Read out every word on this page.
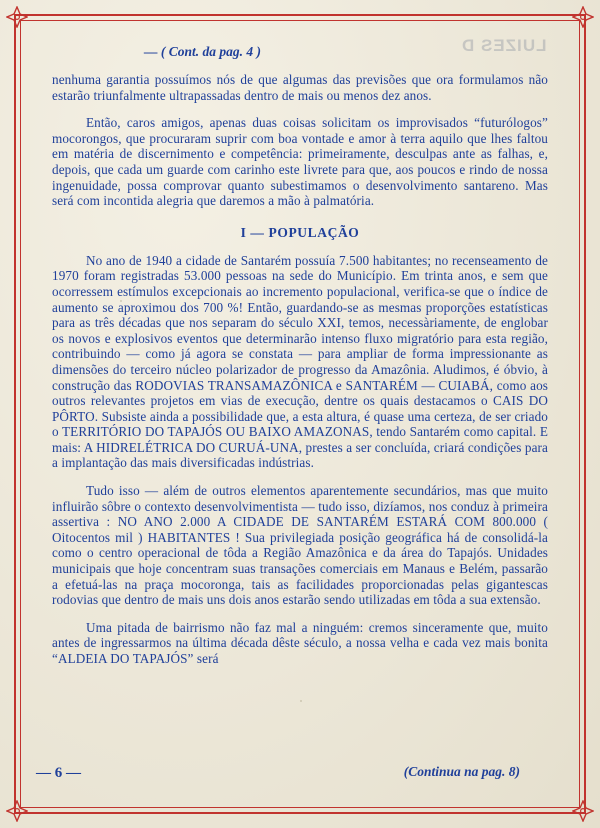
LUIZES D
— ( Cont. da pag. 4 )

nenhuma garantia possuímos nós de que algumas das previsões que ora formulamos não estarão triunfalmente ultrapassadas dentro de mais ou menos dez anos.

Então, caros amigos, apenas duas coisas solicitam os improvisados “futurólogos” mocorongos, que procuraram suprir com boa vontade e amor à terra aquilo que lhes faltou em matéria de discernimento e competência: primeiramente, desculpas ante as falhas, e, depois, que cada um guarde com carinho este livrete para que, aos poucos e rindo de nossa ingenuidade, possa comprovar quanto subestimamos o desenvolvimento santareno. Mas será com incontida alegria que daremos a mão à palmatória.

I — POPULAÇÃO

No ano de 1940 a cidade de Santarém possuía 7.500 habitantes; no recenseamento de 1970 foram registradas 53.000 pessoas na sede do Município. Em trinta anos, e sem que ocorressem estímulos excepcionais ao incremento populacional, verifica-se que o índice de aumento se aproximou dos 700 %! Então, guardando-se as mesmas proporções estatísticas para as três décadas que nos separam do século XXI, temos, necessàriamente, de englobar os novos e explosivos eventos que determinarão intenso fluxo migratório para esta região, contribuindo — como já agora se constata — para ampliar de forma impressionante as dimensões do terceiro núcleo polarizador de progresso da Amazônia. Aludimos, é óbvio, à construção das RODOVIAS TRANSAMAZÔNICA e SANTARÉM — CUIABÁ, como aos outros relevantes projetos em vias de execução, dentre os quais destacamos o CAIS DO PÔRTO. Subsiste ainda a possibilidade que, a esta altura, é quase uma certeza, de ser criado o TERRITÓRIO DO TAPAJÓS OU BAIXO AMAZONAS, tendo Santarém como capital. E mais: A HIDRELÉTRICA DO CURUÁ-UNA, prestes a ser concluída, criará condições para a implantação das mais diversificadas indústrias.

Tudo isso — além de outros elementos aparentemente secundários, mas que muito influirão sôbre o contexto desenvolvimentista — tudo isso, dizíamos, nos conduz à primeira assertiva : NO ANO 2.000 A CIDADE DE SANTARÉM ESTARÁ COM 800.000 ( Oitocentos mil ) HABITANTES ! Sua privilegiada posição geográfica há de consolidá-la como o centro operacional de tôda a Região Amazônica e da área do Tapajós. Unidades municipais que hoje concentram suas transações comerciais em Manaus e Belém, passarão a efetuá-las na praça mocoronga, tais as facilidades proporcionadas pelas gigantescas rodovias que dentro de mais uns dois anos estarão sendo utilizadas em tôda a sua extensão.

Uma pitada de bairrismo não faz mal a ninguém: cremos sinceramente que, muito antes de ingressarmos na última década dêste século, a nossa velha e cada vez mais bonita “ALDEIA DO TAPAJÓS” será

— 6 —	(Continua na pag. 8)
